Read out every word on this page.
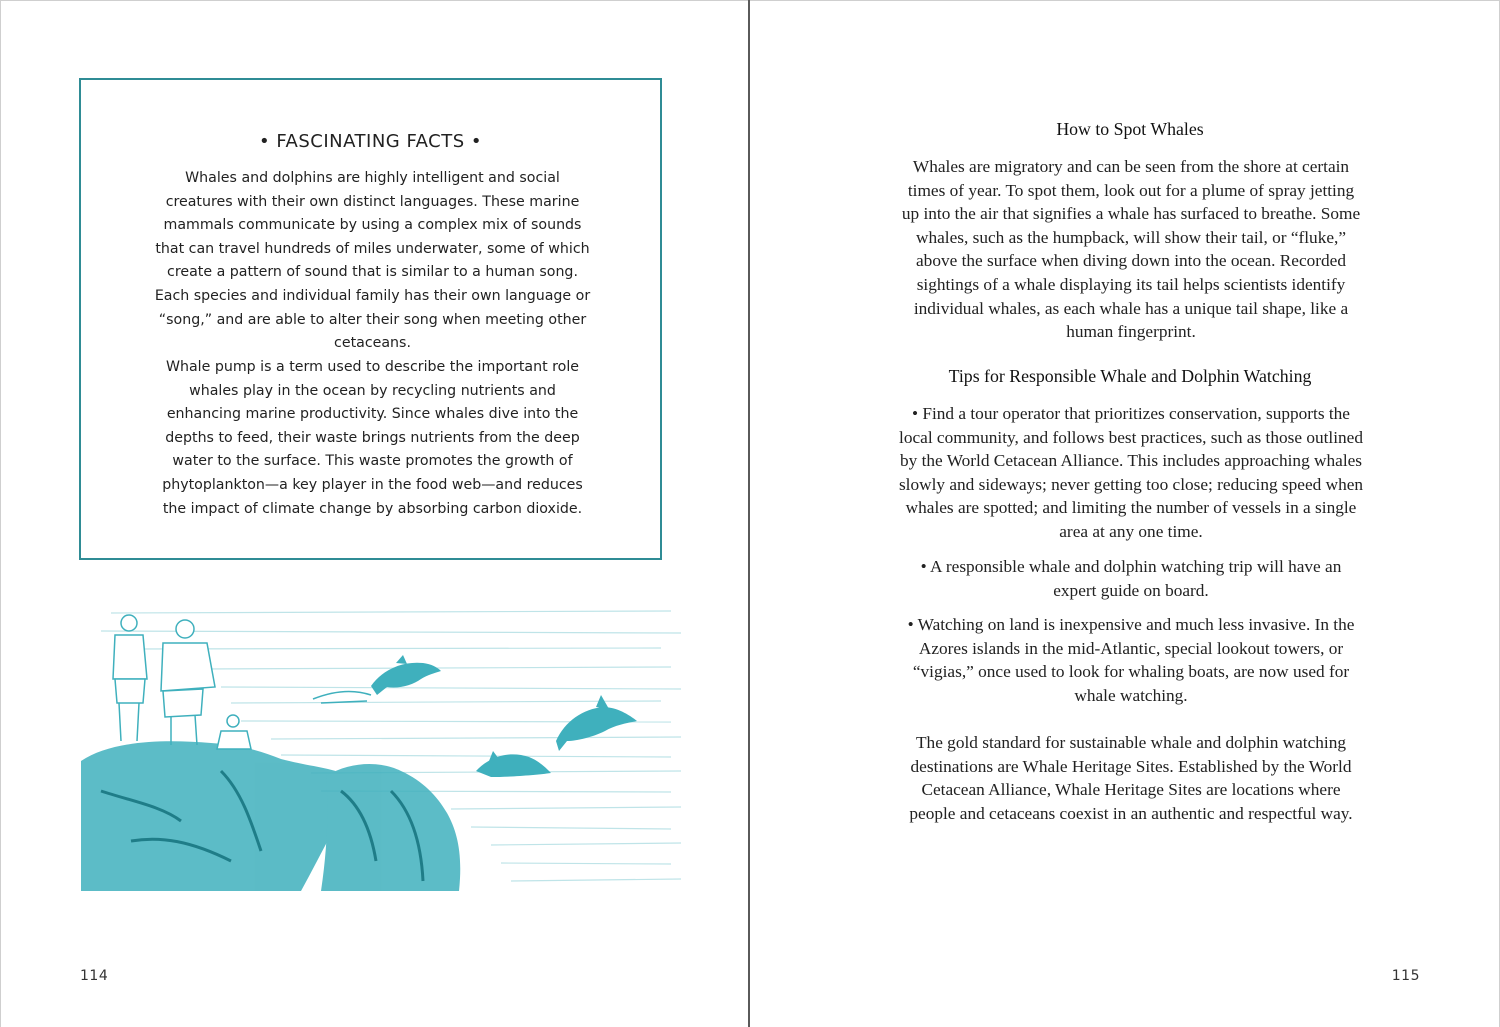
• FASCINATING FACTS •

Whales and dolphins are highly intelligent and social creatures with their own distinct languages. These marine mammals communicate by using a complex mix of sounds that can travel hundreds of miles underwater, some of which create a pattern of sound that is similar to a human song. Each species and individual family has their own language or “song,” and are able to alter their song when meeting other cetaceans.

Whale pump is a term used to describe the important role whales play in the ocean by recycling nutrients and enhancing marine productivity. Since whales dive into the depths to feed, their waste brings nutrients from the deep water to the surface. This waste promotes the growth of phytoplankton—a key player in the food web—and reduces the impact of climate change by absorbing carbon dioxide.

114
How to Spot Whales

Whales are migratory and can be seen from the shore at certain times of year. To spot them, look out for a plume of spray jetting up into the air that signifies a whale has surfaced to breathe. Some whales, such as the humpback, will show their tail, or “fluke,” above the surface when diving down into the ocean. Recorded sightings of a whale displaying its tail helps scientists identify individual whales, as each whale has a unique tail shape, like a human fingerprint.

Tips for Responsible Whale and Dolphin Watching

• Find a tour operator that prioritizes conservation, supports the local community, and follows best practices, such as those outlined by the World Cetacean Alliance. This includes approaching whales slowly and sideways; never getting too close; reducing speed when whales are spotted; and limiting the number of vessels in a single area at any one time.

• A responsible whale and dolphin watching trip will have an expert guide on board.

• Watching on land is inexpensive and much less invasive. In the Azores islands in the mid-Atlantic, special lookout towers, or “vigias,” once used to look for whaling boats, are now used for whale watching.

The gold standard for sustainable whale and dolphin watching destinations are Whale Heritage Sites. Established by the World Cetacean Alliance, Whale Heritage Sites are locations where people and cetaceans coexist in an authentic and respectful way.

115
